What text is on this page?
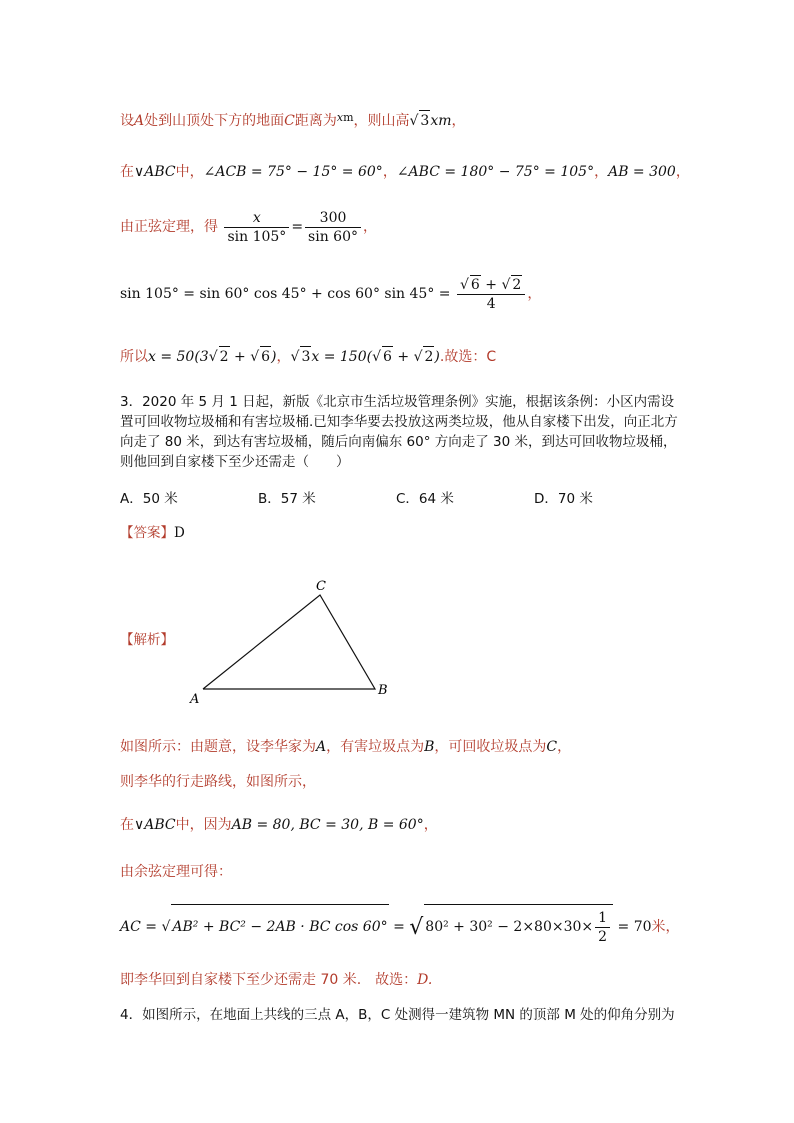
设A处到山顶处下方的地面C距离为$^{xm}$，则山高√ 3xm，
在∨ABC中，∠ACB = 75° − 15° = 60°，∠ABC = 180° − 75° = 105°，AB = 300，
由正弦定理，得 $\frac{x}{\sin 105^\circ} = \frac{300}{\sin 60^\circ}$ ，
sin 105° = sin 60° cos 45° + cos 60° $\sin 45^\circ = \frac{√ 6 + √ 2}{4}$ ，
所以x = 50(3√ 2 + √ 6)，√ 3x = 150(√ 6 + √ 2).故选：C
3．2020 年 5 月 1 日起，新版《北京市生活垃圾管理条例》实施，根据该条例：小区内需设置可回收物垃圾桶和有害垃圾桶.已知李华要去投放这两类垃圾，他从自家楼下出发，向正北方向走了 80 米，到达有害垃圾桶，随后向南偏东 60° 方向走了 30 米，到达可回收物垃圾桶，则他回到自家楼下至少还需走（　　）
A．50 米	B．57 米	C．64 米	D．70 米
【答案】D
【解析】
A
C
B
如图所示：由题意，设李华家为A，有害垃圾点为B，可回收垃圾点为C，
则李华的行走路线，如图所示，
在∨ABC中，因为AB = 80, BC = 30, B = 60°，
由余弦定理可得：
AC = √ AB² + BC² − 2AB · BC cos 60° = √ $80^2 + 30^2 - 2\times 80\times 30\times \frac{1}{2} = 70$米，
即李华回到自家楼下至少还需走 70 米.　故选：D.
4．如图所示，在地面上共线的三点 A，B，C 处测得一建筑物 MN 的顶部 M 处的仰角分别为
